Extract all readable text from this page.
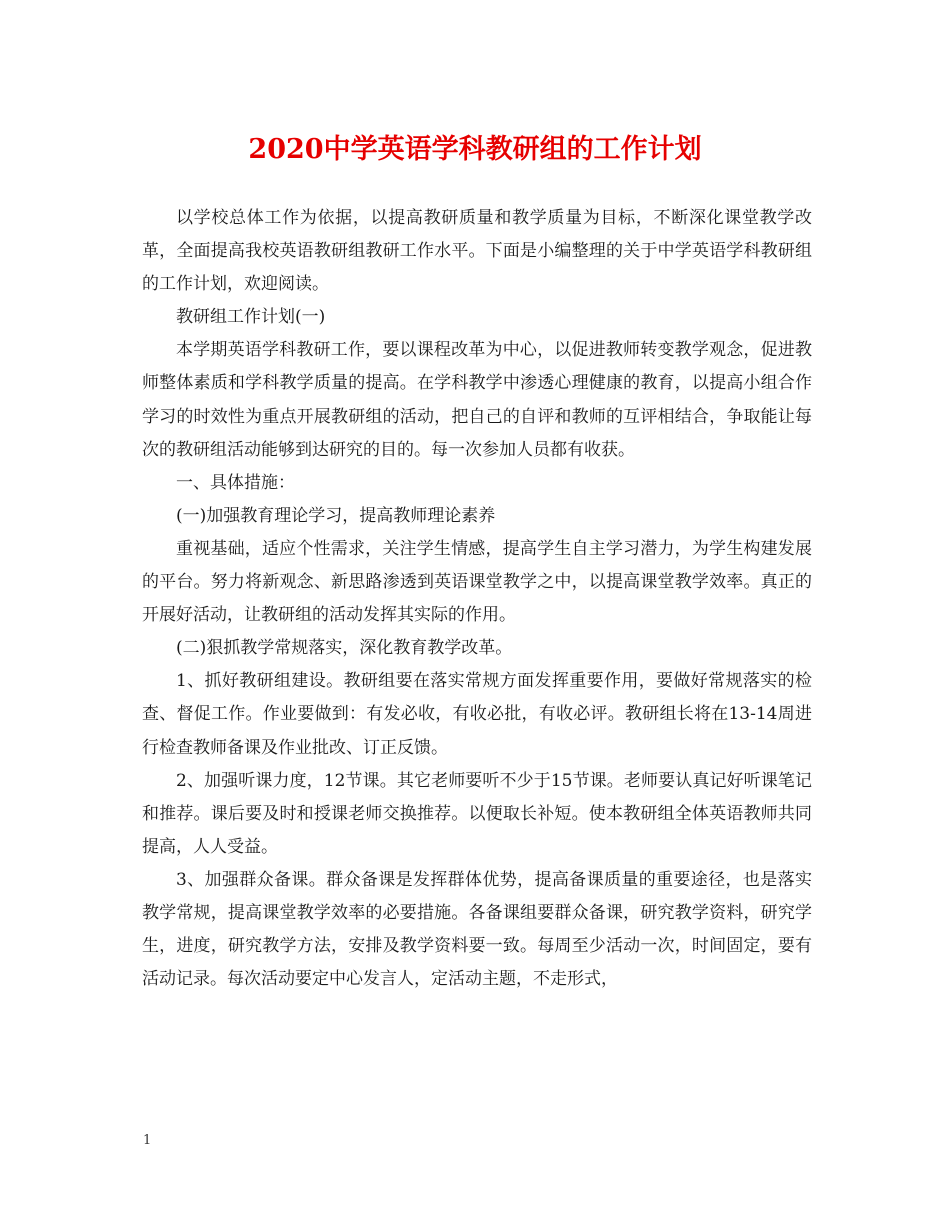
2020中学英语学科教研组的工作计划

以学校总体工作为依据，以提高教研质量和教学质量为目标，不断深化课堂教学改革，全面提高我校英语教研组教研工作水平。下面是小编整理的关于中学英语学科教研组的工作计划，欢迎阅读。

教研组工作计划(一)

本学期英语学科教研工作，要以课程改革为中心，以促进教师转变教学观念，促进教师整体素质和学科教学质量的提高。在学科教学中渗透心理健康的教育，以提高小组合作学习的时效性为重点开展教研组的活动，把自己的自评和教师的互评相结合，争取能让每次的教研组活动能够到达研究的目的。每一次参加人员都有收获。

一、具体措施：

(一)加强教育理论学习，提高教师理论素养

重视基础，适应个性需求，关注学生情感，提高学生自主学习潜力，为学生构建发展的平台。努力将新观念、新思路渗透到英语课堂教学之中，以提高课堂教学效率。真正的开展好活动，让教研组的活动发挥其实际的作用。

(二)狠抓教学常规落实，深化教育教学改革。

1、抓好教研组建设。教研组要在落实常规方面发挥重要作用，要做好常规落实的检查、督促工作。作业要做到：有发必收，有收必批，有收必评。教研组长将在13-14周进行检查教师备课及作业批改、订正反馈。

2、加强听课力度，12节课。其它老师要听不少于15节课。老师要认真记好听课笔记和推荐。课后要及时和授课老师交换推荐。以便取长补短。使本教研组全体英语教师共同提高，人人受益。

3、加强群众备课。群众备课是发挥群体优势，提高备课质量的重要途径，也是落实教学常规，提高课堂教学效率的必要措施。各备课组要群众备课，研究教学资料，研究学生，进度，研究教学方法，安排及教学资料要一致。每周至少活动一次，时间固定，要有活动记录。每次活动要定中心发言人，定活动主题，不走形式，

1
